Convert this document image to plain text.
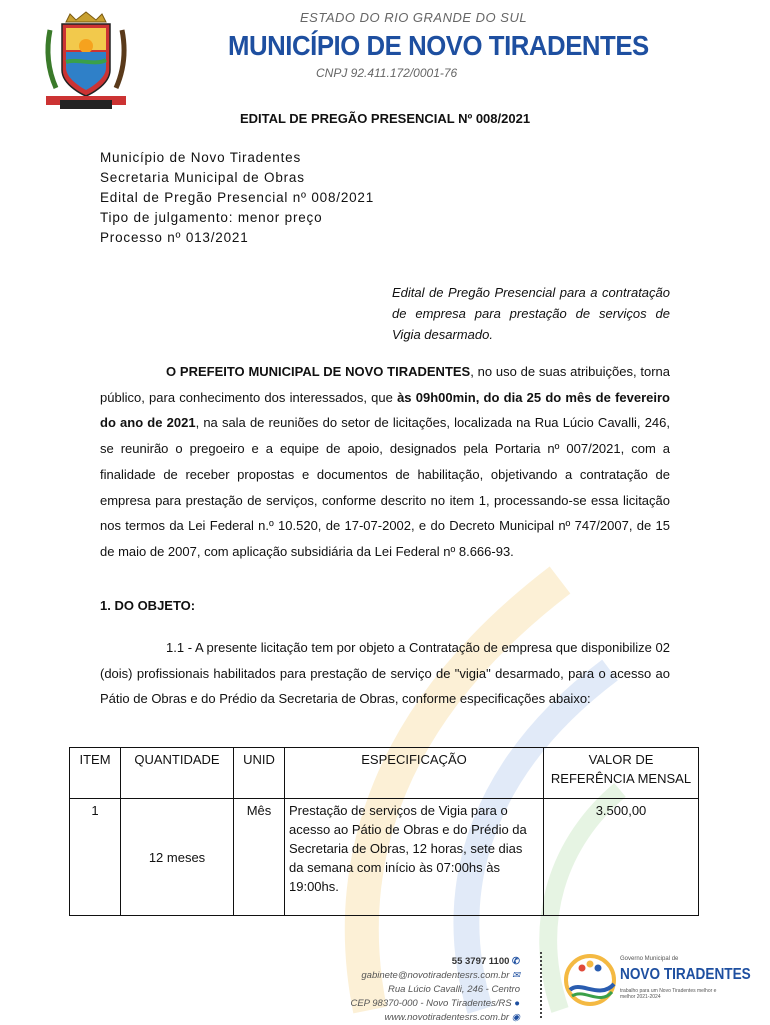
ESTADO DO RIO GRANDE DO SUL
MUNICÍPIO DE NOVO TIRADENTES
CNPJ 92.411.172/0001-76
EDITAL DE PREGÃO PRESENCIAL Nº 008/2021
Município de Novo Tiradentes
Secretaria Municipal de Obras
Edital de Pregão Presencial nº 008/2021
Tipo de julgamento: menor preço
Processo nº 013/2021
Edital de Pregão Presencial para a contratação de empresa para prestação de serviços de Vigia desarmado.
O PREFEITO MUNICIPAL DE NOVO TIRADENTES, no uso de suas atribuições, torna público, para conhecimento dos interessados, que às 09h00min, do dia 25 do mês de fevereiro do ano de 2021, na sala de reuniões do setor de licitações, localizada na Rua Lúcio Cavalli, 246, se reunirão o pregoeiro e a equipe de apoio, designados pela Portaria nº 007/2021, com a finalidade de receber propostas e documentos de habilitação, objetivando a contratação de empresa para prestação de serviços, conforme descrito no item 1, processando-se essa licitação nos termos da Lei Federal n.º 10.520, de 17-07-2002, e do Decreto Municipal nº 747/2007, de 15 de maio de 2007, com aplicação subsidiária da Lei Federal nº 8.666-93.
1. DO OBJETO:
1.1 - A presente licitação tem por objeto a Contratação de empresa que disponibilize 02 (dois) profissionais habilitados para prestação de serviço de "vigia" desarmado, para o acesso ao Pátio de Obras e do Prédio da Secretaria de Obras, conforme especificações abaixo:
ITEM	QUANTIDADE	UNID	ESPECIFICAÇÃO	VALOR DE REFERÊNCIA MENSAL
1	12 meses	Mês	Prestação de serviços de Vigia para o acesso ao Pátio de Obras e do Prédio da Secretaria de Obras, 12 horas, sete dias da semana com início às 07:00hs às 19:00hs.	3.500,00
55 3797 1100 ✆
gabinete@novotiradentesrs.com.br ✉
Rua Lúcio Cavalli, 246 - Centro
CEP 98370-000 - Novo Tiradentes/RS ●
www.novotiradentesrs.com.br ◉
Governo Municipal de
NOVO TIRADENTES
trabalho para um Novo Tiradentes melhor e melhor 2021-2024
